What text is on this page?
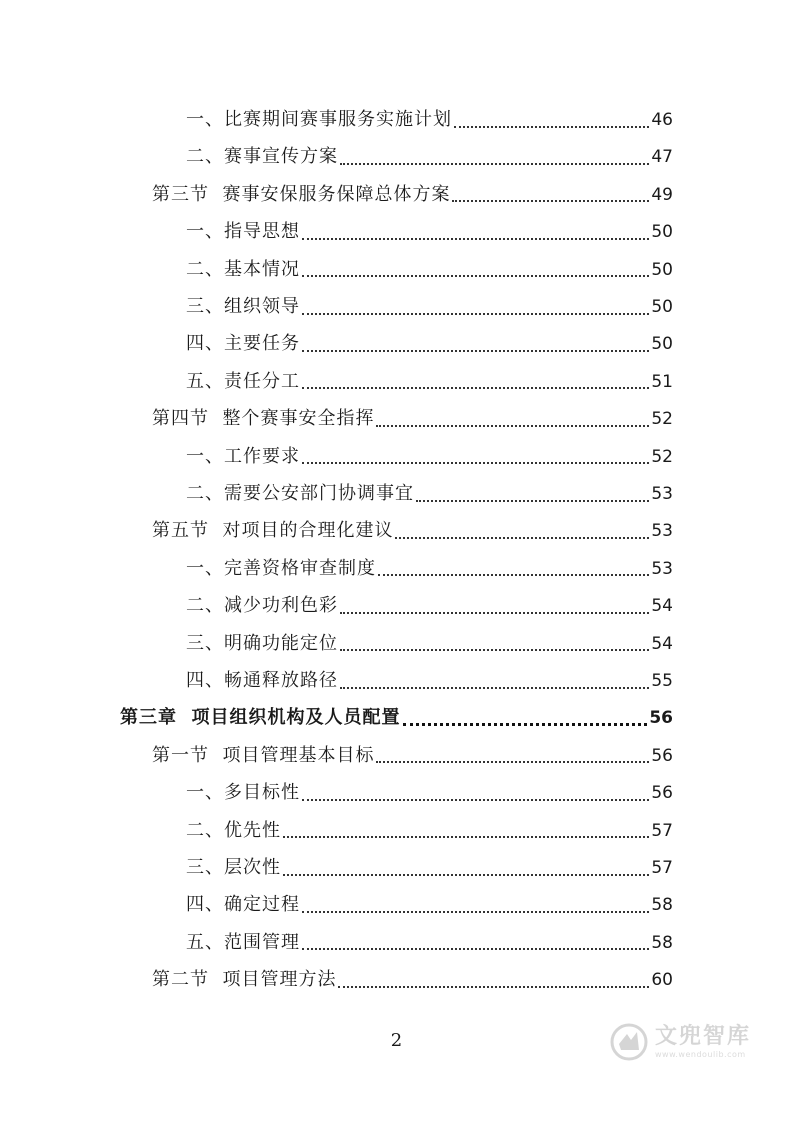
一、比赛期间赛事服务实施计划	46
二、赛事宣传方案	47
第三节  赛事安保服务保障总体方案	49
一、指导思想	50
二、基本情况	50
三、组织领导	50
四、主要任务	50
五、责任分工	51
第四节  整个赛事安全指挥	52
一、工作要求	52
二、需要公安部门协调事宜	53
第五节  对项目的合理化建议	53
一、完善资格审查制度	53
二、减少功利色彩	54
三、明确功能定位	54
四、畅通释放路径	55
第三章  项目组织机构及人员配置	56
第一节  项目管理基本目标	56
一、多目标性	56
二、优先性	57
三、层次性	57
四、确定过程	58
五、范围管理	58
第二节  项目管理方法	60
2	文兜智库
www.wendoulib.com
